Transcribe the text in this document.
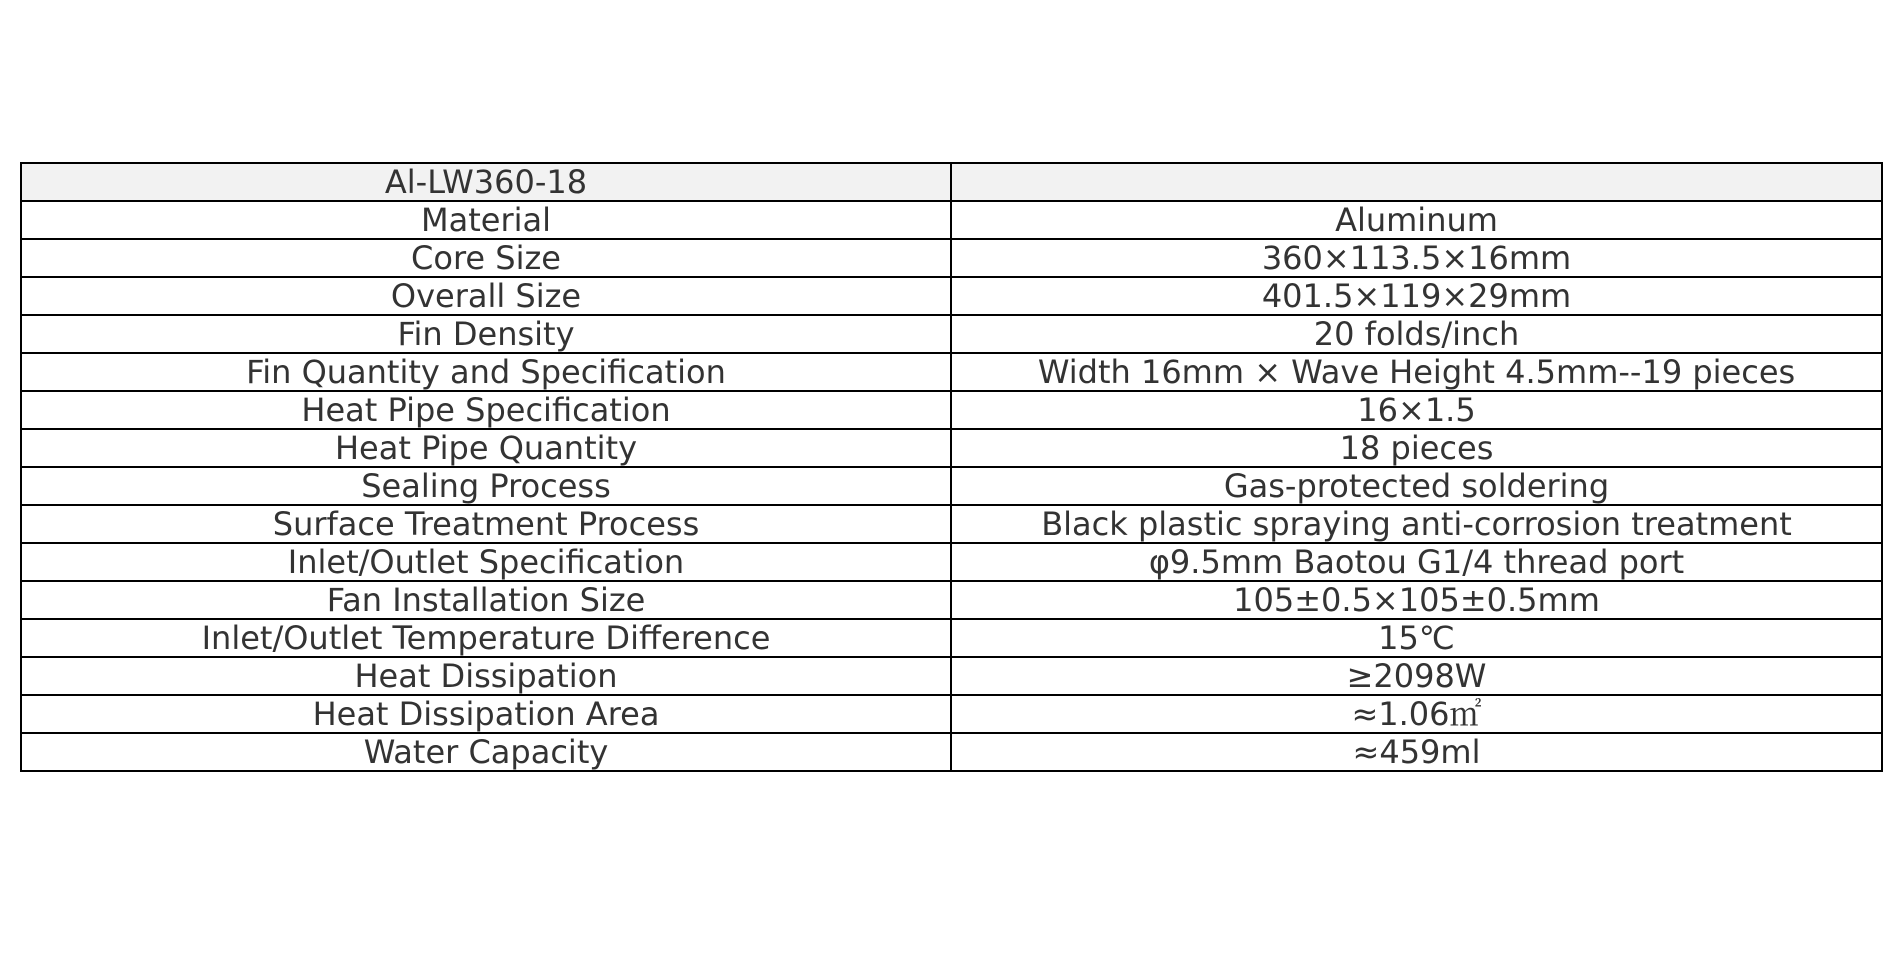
Al-LW360-18	
Material	Aluminum
Core Size	360×113.5×16mm
Overall Size	401.5×119×29mm
Fin Density	20 folds/inch
Fin Quantity and Specification	Width 16mm × Wave Height 4.5mm--19 pieces
Heat Pipe Specification	16×1.5
Heat Pipe Quantity	18 pieces
Sealing Process	Gas-protected soldering
Surface Treatment Process	Black plastic spraying anti-corrosion treatment
Inlet/Outlet Specification	φ9.5mm Baotou G1/4 thread port
Fan Installation Size	105±0.5×105±0.5mm
Inlet/Outlet Temperature Difference	15℃
Heat Dissipation	≥2098W
Heat Dissipation Area	≈1.06㎡
Water Capacity	≈459ml
